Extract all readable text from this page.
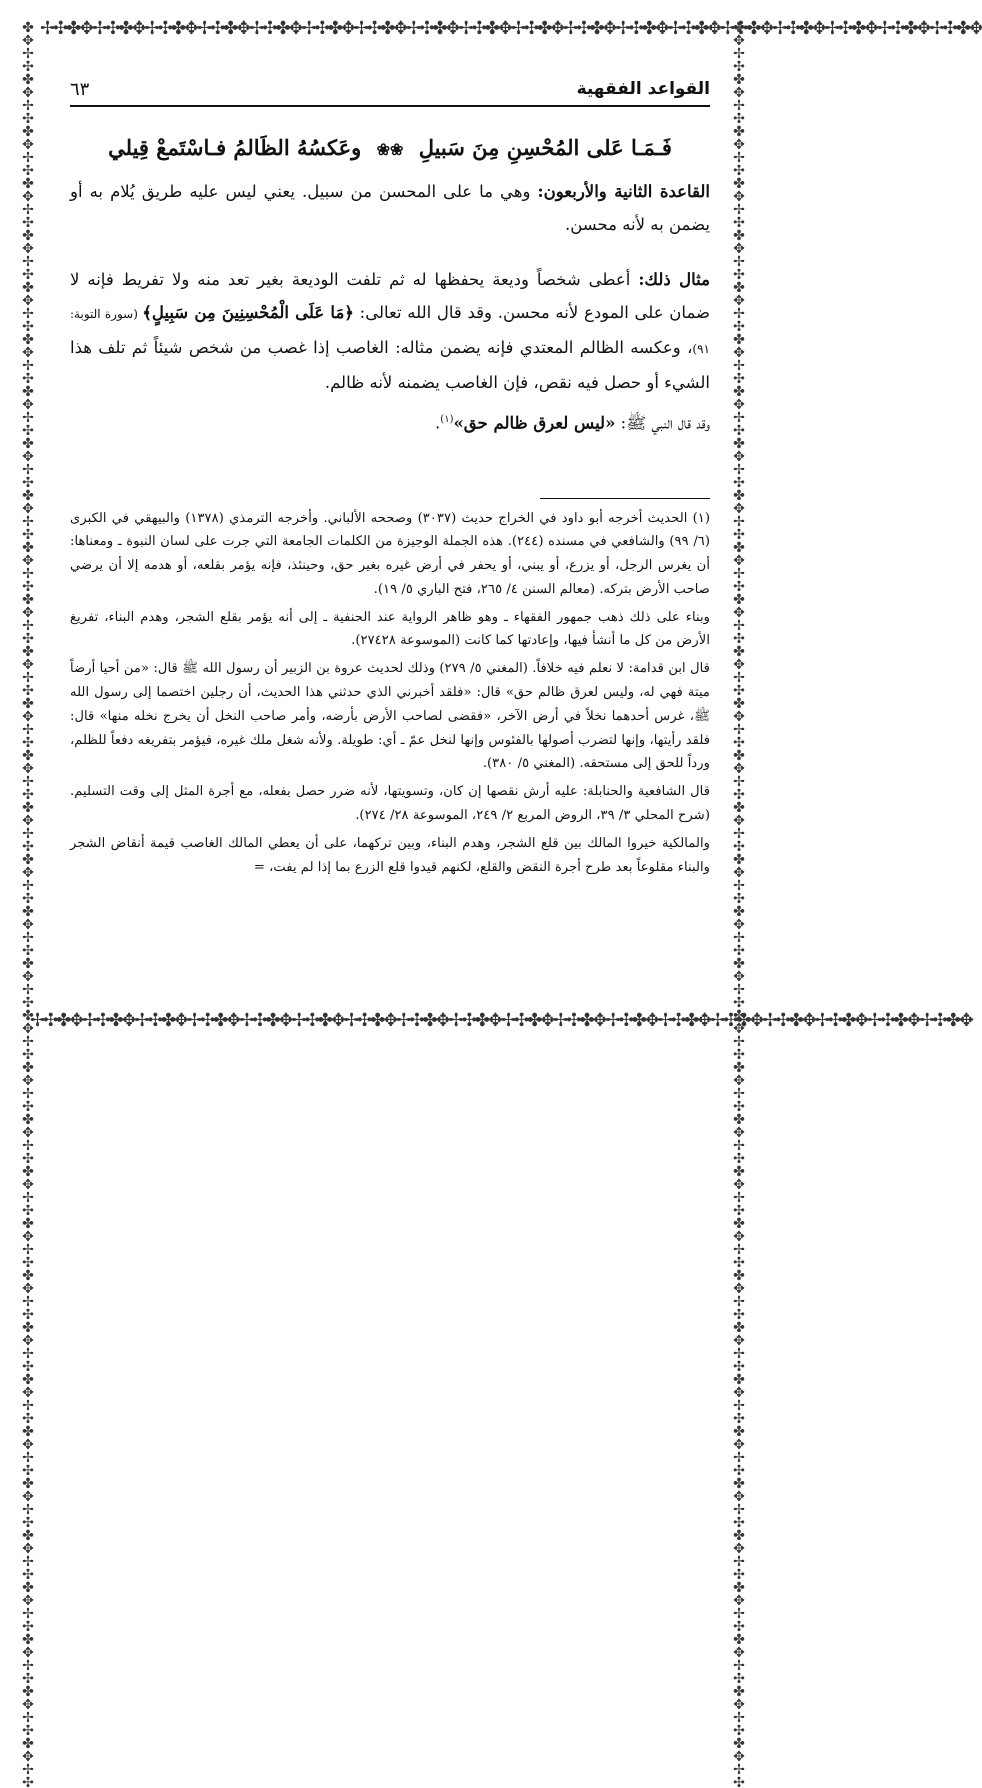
✢✣✤✥✢✣✤✥✢✣✤✥✢✣✤✥✢✣✤✥✢✣✤✥✢✣✤✥✢✣✤✥✢✣✤✥✢✣✤✥✢✣✤✥✢✣✤✥✢✣✤✥✢✣✤✥✢✣✤✥✢✣✤✥✢✣✤✥✢✣✤✥
✢✣✤✥✢✣✤✥✢✣✤✥✢✣✤✥✢✣✤✥✢✣✤✥✢✣✤✥✢✣✤✥✢✣✤✥✢✣✤✥✢✣✤✥✢✣✤✥✢✣✤✥✢✣✤✥✢✣✤✥✢✣✤✥✢✣✤✥✢✣✤✥
✤✥✢✣✤✥✢✣✤✥✢✣✤✥✢✣✤✥✢✣✤✥✢✣✤✥✢✣✤✥✢✣✤✥✢✣✤✥✢✣✤✥✢✣✤✥✢✣✤✥✢✣✤✥✢✣✤✥✢✣✤✥✢✣✤✥✢✣✤✥✢✣✤✥✢✣✤✥✢✣✤✥✢✣✤✥✢✣✤✥✢✣✤✥✢✣✤✥✢✣✤✥✢✣✤✥✢✣✤✥✢✣✤✥✢✣✤✥✢✣✤✥✢✣✤✥✢✣✤✥✢✣✤✥✢✣	✤✥✢✣✤✥✢✣✤✥✢✣✤✥✢✣✤✥✢✣✤✥✢✣✤✥✢✣✤✥✢✣✤✥✢✣✤✥✢✣✤✥✢✣✤✥✢✣✤✥✢✣✤✥✢✣✤✥✢✣✤✥✢✣✤✥✢✣✤✥✢✣✤✥✢✣✤✥✢✣✤✥✢✣✤✥✢✣✤✥✢✣✤✥✢✣✤✥✢✣✤✥✢✣✤✥✢✣✤✥✢✣✤✥✢✣✤✥✢✣✤✥✢✣✤✥✢✣✤✥✢✣✤✥✢✣
القواعد الفقهية
٦٣
فَـمَـا عَلى المُحْسِنِ مِنَ سَبيلِ ❀❀ وعَكسُهُ الظَالمُ فـاسْتَمعْ قِيلي

القاعدة الثانية والأربعون: وهي ما على المحسن من سبيل. يعني ليس عليه طريق يُلام به أو يضمن به لأنه محسن.

مثال ذلك: أعطى شخصاً وديعة يحفظها له ثم تلفت الوديعة بغير تعد منه ولا تفريط فإنه لا ضمان على المودع لأنه محسن. وقد قال الله تعالى: ﴿مَا عَلَى الْمُحْسِنِينَ مِن سَبِيلٍ﴾ (سورة التوبة: ٩١)، وعكسه الظالم المعتدي فإنه يضمن مثاله: الغاصب إذا غصب من شخص شيئاً ثم تلف هذا الشيء أو حصل فيه نقص، فإن الغاصب يضمنه لأنه ظالم.

وقد قال النبي ﷺ: «ليس لعرق ظالم حق»$^{(١)}$.

(١) الحديث أخرجه أبو داود في الخراج حديث (٣٠٣٧) وصححه الألباني. وأخرجه الترمذي (١٣٧٨) والبيهقي في الكبرى (٦/ ٩٩) والشافعي في مسنده (٢٤٤). هذه الجملة الوجيزة من الكلمات الجامعة التي جرت على لسان النبوة ـ ومعناها: أن يغرس الرجل، أو يزرع، أو يبني، أو يحفر في أرض غيره بغير حق، وحينئذ، فإنه يؤمر بقلعه، أو هدمه إلا أن يرضي صاحب الأرض بتركه. (معالم السنن ٤/ ٢٦٥، فتح الباري ٥/ ١٩).

وبناء على ذلك ذهب جمهور الفقهاء ـ وهو ظاهر الرواية عند الحنفية ـ إلى أنه يؤمر بقلع الشجر، وهدم البناء، تفريغ الأرض من كل ما أنشأ فيها، وإعادتها كما كانت (الموسوعة ٢٧٤٢٨).

قال ابن قدامة: لا نعلم فيه خلافاً. (المغني ٥/ ٢٧٩) وذلك لحديث عروة بن الزبير أن رسول الله ﷺ قال: «من أحيا أرضاً ميتة فهي له، وليس لعرق ظالم حق» قال: «فلقد أخبرني الذي حدثني هذا الحديث، أن رجلين اختصما إلى رسول الله ﷺ، غرس أحدهما نخلاً في أرض الآخر، «فقضى لصاحب الأرض بأرضه، وأمر صاحب النخل أن يخرج نخله منها» قال: فلقد رأيتها، وإنها لتضرب أصولها بالفئوس وإنها لنخل عمّ ـ أي: طويلة. ولأنه شغل ملك غيره، فيؤمر بتفريغه دفعاً للظلم، ورداً للحق إلى مستحقه. (المغني ٥/ ٣٨٠).

قال الشافعية والحنابلة: عليه أرش نقصها إن كان، وتسويتها، لأنه ضرر حصل بفعله، مع أجرة المثل إلى وقت التسليم. (شرح المحلي ٣/ ٣٩، الروض المربع ٢/ ٢٤٩، الموسوعة ٢٨/ ٢٧٤).

والمالكية خيروا المالك بين قلع الشجر، وهدم البناء، وبين تركهما، على أن يعطي المالك الغاصب قيمة أنقاض الشجر والبناء مقلوعاً بعد طرح أجرة النقض والقلع، لكنهم قيدوا قلع الزرع بما إذا لم يفت، =
